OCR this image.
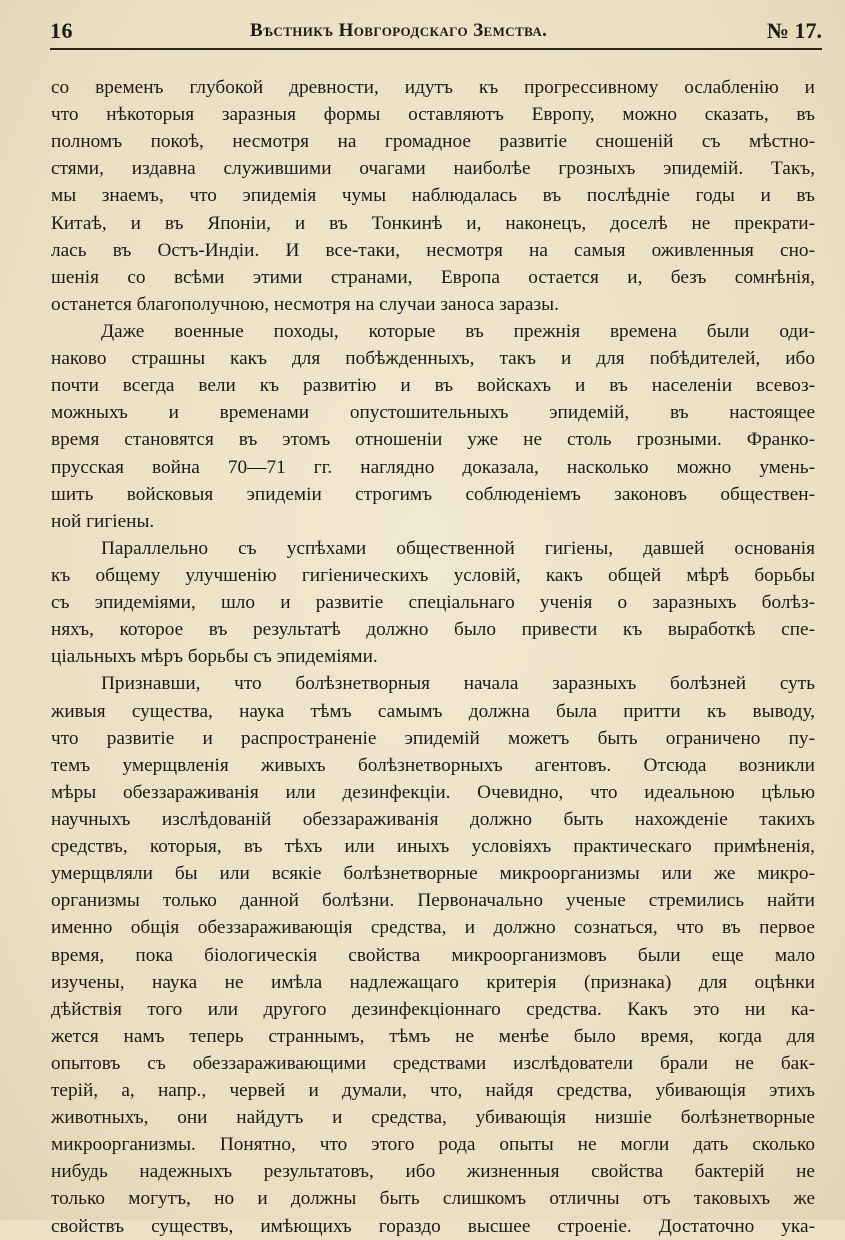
16	Вѣстникъ Новгородскаго Земства.	№ 17.
со временъ глубокой древности, идутъ къ прогрессивному ослабленію и
что нѣкоторыя заразныя формы оставляютъ Европу, можно сказать, въ
полномъ покоѣ, несмотря на громадное развитіе сношеній съ мѣстно-
стями, издавна служившими очагами наиболѣе грозныхъ эпидемій. Такъ,
мы знаемъ, что эпидемія чумы наблюдалась въ послѣдніе годы и въ
Китаѣ, и въ Японіи, и въ Тонкинѣ и, наконецъ, доселѣ не прекрати-
лась въ Остъ-Индіи. И все-таки, несмотря на самыя оживленныя сно-
шенія со всѣми этими странами, Европа остается и, безъ сомнѣнія,
останется благополучною, несмотря на случаи заноса заразы.
Даже военные походы, которые въ прежнія времена были оди-
наково страшны какъ для побѣжденныхъ, такъ и для побѣдителей, ибо
почти всегда вели къ развитію и въ войскахъ и въ населеніи всевоз-
можныхъ и временами опустошительныхъ эпидемій, въ настоящее
время становятся въ этомъ отношеніи уже не столь грозными. Франко-
прусская война 70—71 гг. наглядно доказала, насколько можно умень-
шить войсковыя эпидеміи строгимъ соблюденіемъ законовъ обществен-
ной гигіены.
Параллельно съ успѣхами общественной гигіены, давшей основанія
къ общему улучшенію гигіеническихъ условій, какъ общей мѣрѣ борьбы
съ эпидеміями, шло и развитіе спеціальнаго ученія о заразныхъ болѣз-
няхъ, которое въ результатѣ должно было привести къ выработкѣ спе-
ціальныхъ мѣръ борьбы съ эпидеміями.
Признавши, что болѣзнетворныя начала заразныхъ болѣзней суть
живыя существа, наука тѣмъ самымъ должна была притти къ выводу,
что развитіе и распространеніе эпидемій можетъ быть ограничено пу-
темъ умерщвленія живыхъ болѣзнетворныхъ агентовъ. Отсюда возникли
мѣры обеззараживанія или дезинфекціи. Очевидно, что идеальною цѣлью
научныхъ изслѣдованій обеззараживанія должно быть нахожденіе такихъ
средствъ, которыя, въ тѣхъ или иныхъ условіяхъ практическаго примѣненія,
умерщвляли бы или всякіе болѣзнетворные микроорганизмы или же микро-
организмы только данной болѣзни. Первоначально ученые стремились найти
именно общія обеззараживающія средства, и должно сознаться, что въ первое
время, пока біологическія свойства микроорганизмовъ были еще мало
изучены, наука не имѣла надлежащаго критерія (признака) для оцѣнки
дѣйствія того или другого дезинфекціоннаго средства. Какъ это ни ка-
жется намъ теперь страннымъ, тѣмъ не менѣе было время, когда для
опытовъ съ обеззараживающими средствами изслѣдователи брали не бак-
терій, а, напр., червей и думали, что, найдя средства, убивающія этихъ
животныхъ, они найдутъ и средства, убивающія низшіе болѣзнетворные
микроорганизмы. Понятно, что этого рода опыты не могли дать сколько
нибудь надежныхъ результатовъ, ибо жизненныя свойства бактерій не
только могутъ, но и должны быть слишкомъ отличны отъ таковыхъ же
свойствъ существъ, имѣющихъ гораздо высшее строеніе. Достаточно ука-
